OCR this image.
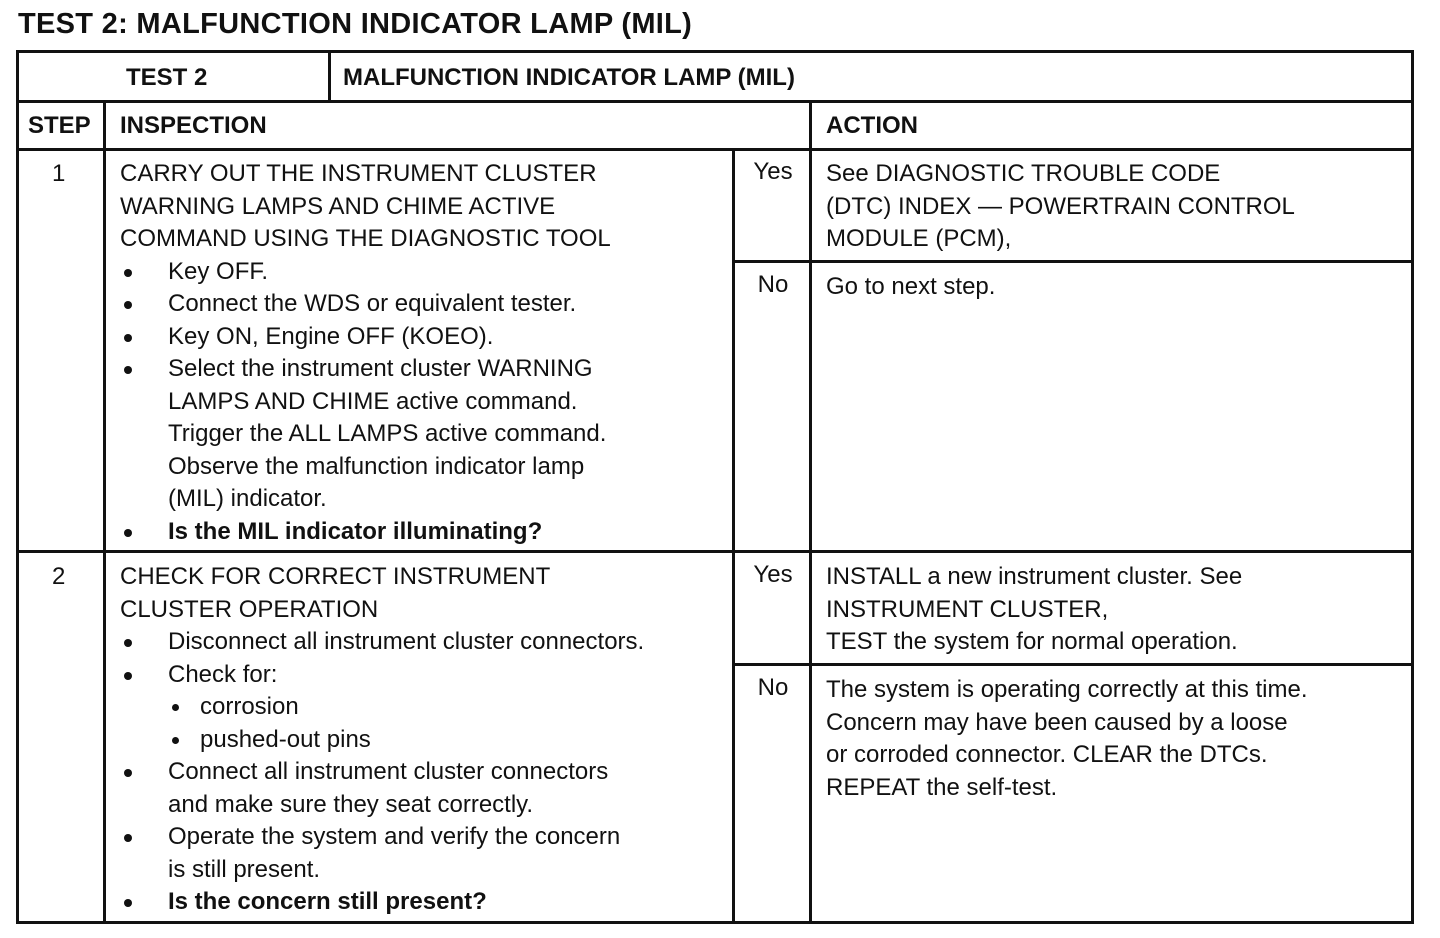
TEST 2: MALFUNCTION INDICATOR LAMP (MIL)
TEST 2	MALFUNCTION INDICATOR LAMP (MIL)
STEP INSPECTION	ACTION
1 CARRY OUT THE INSTRUMENT CLUSTER
WARNING LAMPS AND CHIME ACTIVE
COMMAND USING THE DIAGNOSTIC TOOL
Key OFF.
Connect the WDS or equivalent tester.
Key ON, Engine OFF (KOEO).
Select the instrument cluster WARNING
LAMPS AND CHIME active command.
Trigger the ALL LAMPS active command.
Observe the malfunction indicator lamp
(MIL) indicator.
Is the MIL indicator illuminating?
Yes	See DIAGNOSTIC TROUBLE CODE
(DTC) INDEX — POWERTRAIN CONTROL
MODULE (PCM),
No	Go to next step.
2 CHECK FOR CORRECT INSTRUMENT
CLUSTER OPERATION
Disconnect all instrument cluster connectors.
Check for:
corrosion
pushed-out pins
Connect all instrument cluster connectors
and make sure they seat correctly.
Operate the system and verify the concern
is still present.
Is the concern still present?
Yes	INSTALL a new instrument cluster. See
INSTRUMENT CLUSTER,
TEST the system for normal operation.
No	The system is operating correctly at this time.
Concern may have been caused by a loose
or corroded connector. CLEAR the DTCs.
REPEAT the self-test.
